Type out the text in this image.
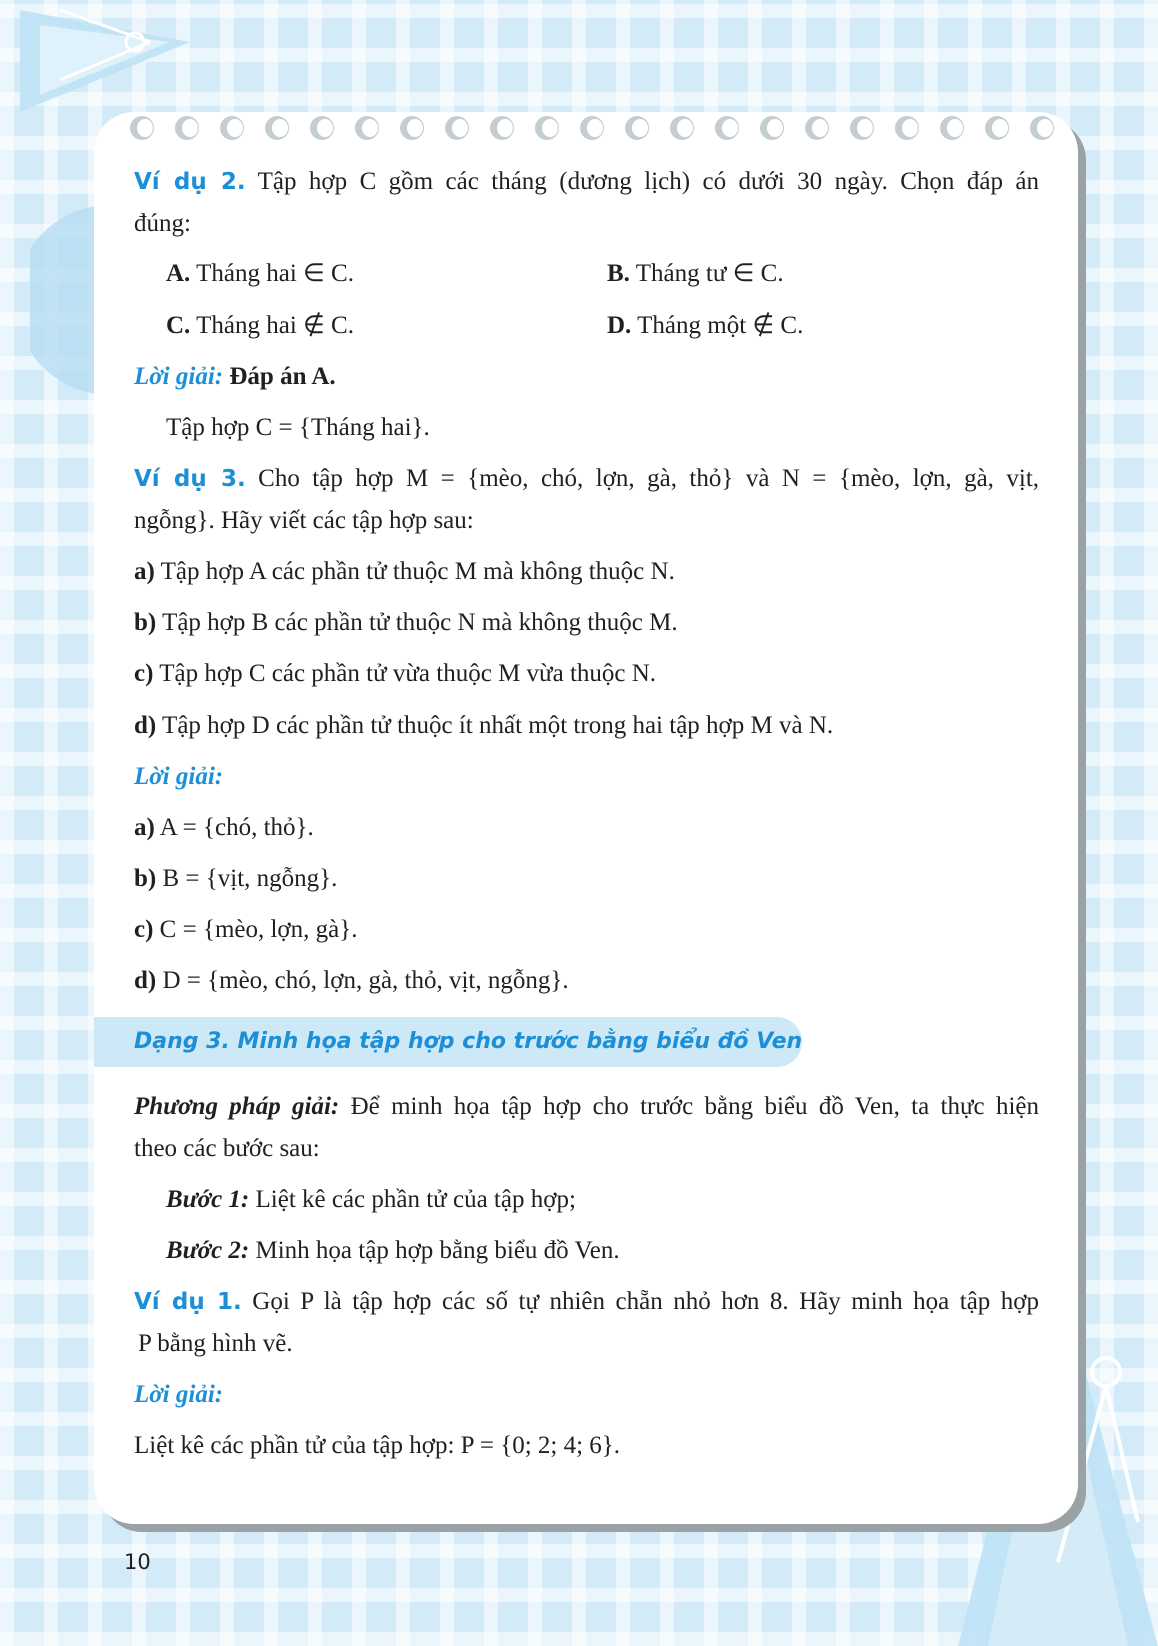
Ví dụ 2. Tập hợp C gồm các tháng (dương lịch) có dưới 30 ngày. Chọn đáp án
đúng:
A. Tháng hai ∈ C.	B. Tháng tư ∈ C.
C. Tháng hai ∉ C.	D. Tháng một ∉ C.
Lời giải: Đáp án A.
Tập hợp C = {Tháng hai}.
Ví dụ 3. Cho tập hợp M = {mèo, chó, lợn, gà, thỏ} và N = {mèo, lợn, gà, vịt,
ngỗng}. Hãy viết các tập hợp sau:
a) Tập hợp A các phần tử thuộc M mà không thuộc N.
b) Tập hợp B các phần tử thuộc N mà không thuộc M.
c) Tập hợp C các phần tử vừa thuộc M vừa thuộc N.
d) Tập hợp D các phần tử thuộc ít nhất một trong hai tập hợp M và N.
Lời giải:
a) A = {chó, thỏ}.
b) B = {vịt, ngỗng}.
c) C = {mèo, lợn, gà}.
d) D = {mèo, chó, lợn, gà, thỏ, vịt, ngỗng}.
Dạng 3. Minh họa tập hợp cho trước bằng biểu đồ Ven
Phương pháp giải: Để minh họa tập hợp cho trước bằng biểu đồ Ven, ta thực hiện
theo các bước sau:
Bước 1: Liệt kê các phần tử của tập hợp;
Bước 2: Minh họa tập hợp bằng biểu đồ Ven.
Ví dụ 1. Gọi P là tập hợp các số tự nhiên chẵn nhỏ hơn 8. Hãy minh họa tập hợp
P bằng hình vẽ.
Lời giải:
Liệt kê các phần tử của tập hợp: P = {0; 2; 4; 6}.
10
